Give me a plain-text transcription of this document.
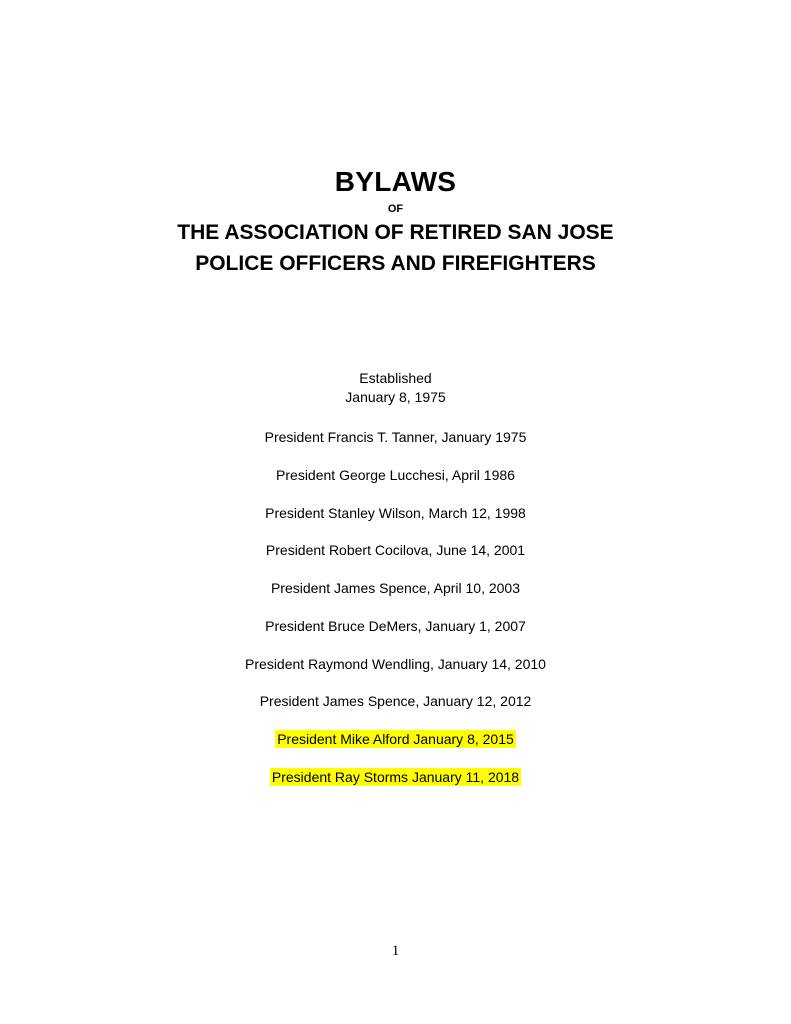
BYLAWS
OF
THE ASSOCIATION OF RETIRED SAN JOSE
POLICE OFFICERS AND FIREFIGHTERS
Established
January 8, 1975
President Francis T. Tanner, January 1975
President George Lucchesi, April 1986
President Stanley Wilson, March 12, 1998
President Robert Cocilova, June 14, 2001
President James Spence, April 10, 2003
President Bruce DeMers, January 1, 2007
President Raymond Wendling, January 14, 2010
President James Spence, January 12, 2012
President Mike Alford January 8, 2015
President Ray Storms January 11, 2018
1
